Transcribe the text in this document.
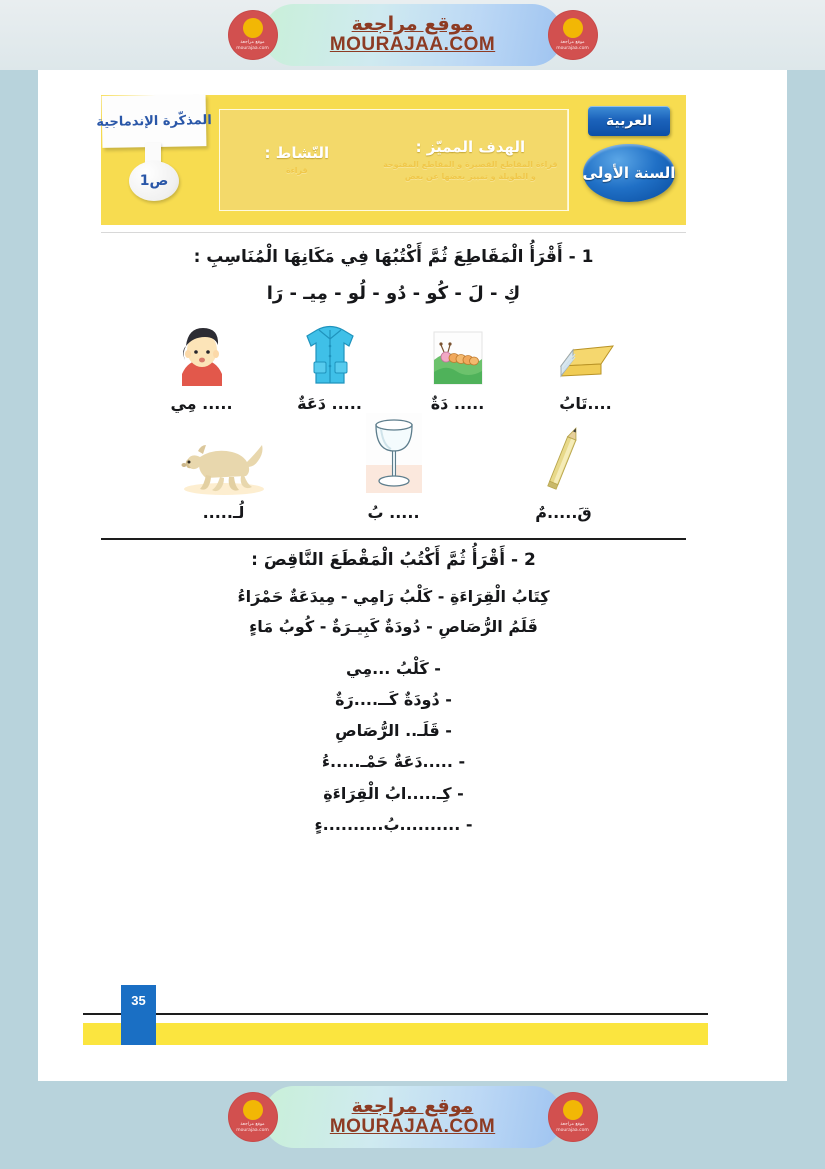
موقع مراجعة mourajaa.com
موقع مراجعة
MOURAJAA.COM	موقع مراجعة mourajaa.com
المذكّرة الإندماجية
ص1
الهدف المميّز :
قراءة المقاطع القصيرة و المقاطع المفتوحة و الطويلة و تمييز بعضها عن بعض
النّشاط :
قراءة
العربية
السنة الأولى
1 - أَقْرَأُ الْمَقَاطِعَ ثُمَّ أَكْتُبُهَا فِي مَكَانِهَا الْمُنَاسِبِ :
كِ - لَ - كُو - دُو - لُو - مِيـ - رَا
....تَابُ
..... دَةٌ
..... دَعَةٌ
..... مِي
قَ.....مٌ
..... بُ
لُـ.....
2 - أَقْرَأُ ثُمَّ أَكْتُبُ الْمَقْطَعَ النَّاقِصَ :
كِتَابُ الْقِرَاءَةِ - كَلْبُ رَامِي - مِيدَعَةٌ حَمْرَاءُ
قَلَمُ الرُّصَاصِ - دُودَةٌ كَبِيـرَةٌ - كُوبُ مَاءٍ
- كَلْبُ ...مِي
- دُودَةٌ كَــ....رَةٌ
- قَلَـ.. الرُّصَاصِ
- .....دَعَةٌ حَمْـ.....ءُ
- كِـ.....ابُ الْقِرَاءَةِ
- ..........بُ..........ءٍ
35
موقع مراجعة mourajaa.com
موقع مراجعة
MOURAJAA.COM	موقع مراجعة mourajaa.com
